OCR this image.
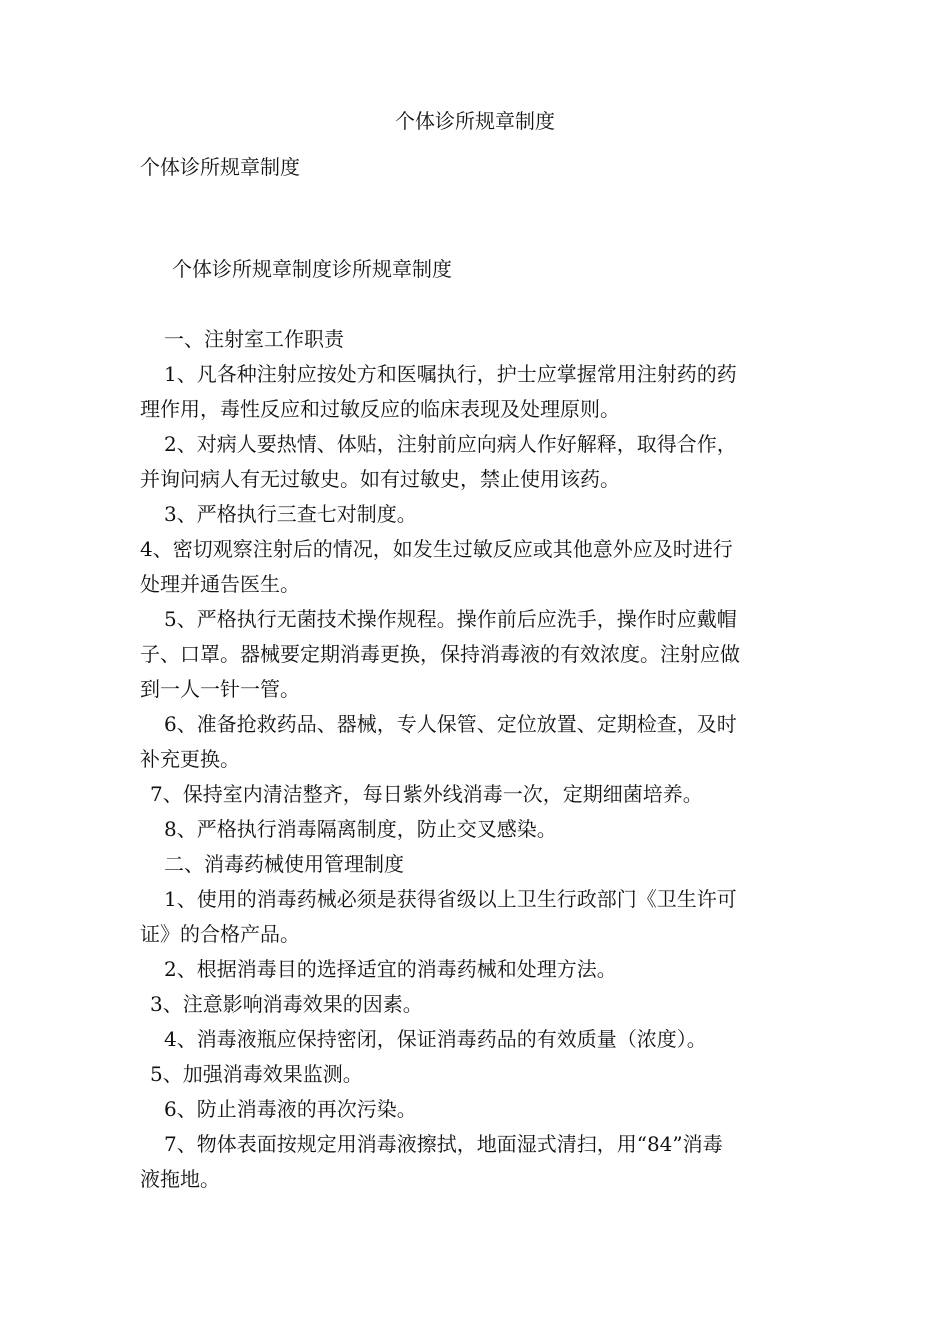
个体诊所规章制度
个体诊所规章制度
个体诊所规章制度诊所规章制度
一、注射室工作职责
1、凡各种注射应按处方和医嘱执行，护士应掌握常用注射药的药
理作用，毒性反应和过敏反应的临床表现及处理原则。
2、对病人要热情、体贴，注射前应向病人作好解释，取得合作，
并询问病人有无过敏史。如有过敏史，禁止使用该药。
3、严格执行三查七对制度。
4、密切观察注射后的情况，如发生过敏反应或其他意外应及时进行
处理并通告医生。
5、严格执行无菌技术操作规程。操作前后应洗手，操作时应戴帽
子、口罩。器械要定期消毒更换，保持消毒液的有效浓度。注射应做
到一人一针一管。
6、准备抢救药品、器械，专人保管、定位放置、定期检查，及时
补充更换。
7、保持室内清洁整齐，每日紫外线消毒一次，定期细菌培养。
8、严格执行消毒隔离制度，防止交叉感染。
二、消毒药械使用管理制度
1、使用的消毒药械必须是获得省级以上卫生行政部门《卫生许可
证》的合格产品。
2、根据消毒目的选择适宜的消毒药械和处理方法。
3、注意影响消毒效果的因素。
4、消毒液瓶应保持密闭，保证消毒药品的有效质量（浓度）。
5、加强消毒效果监测。
6、防止消毒液的再次污染。
7、物体表面按规定用消毒液擦拭，地面湿式清扫，用“84”消毒
液拖地。
